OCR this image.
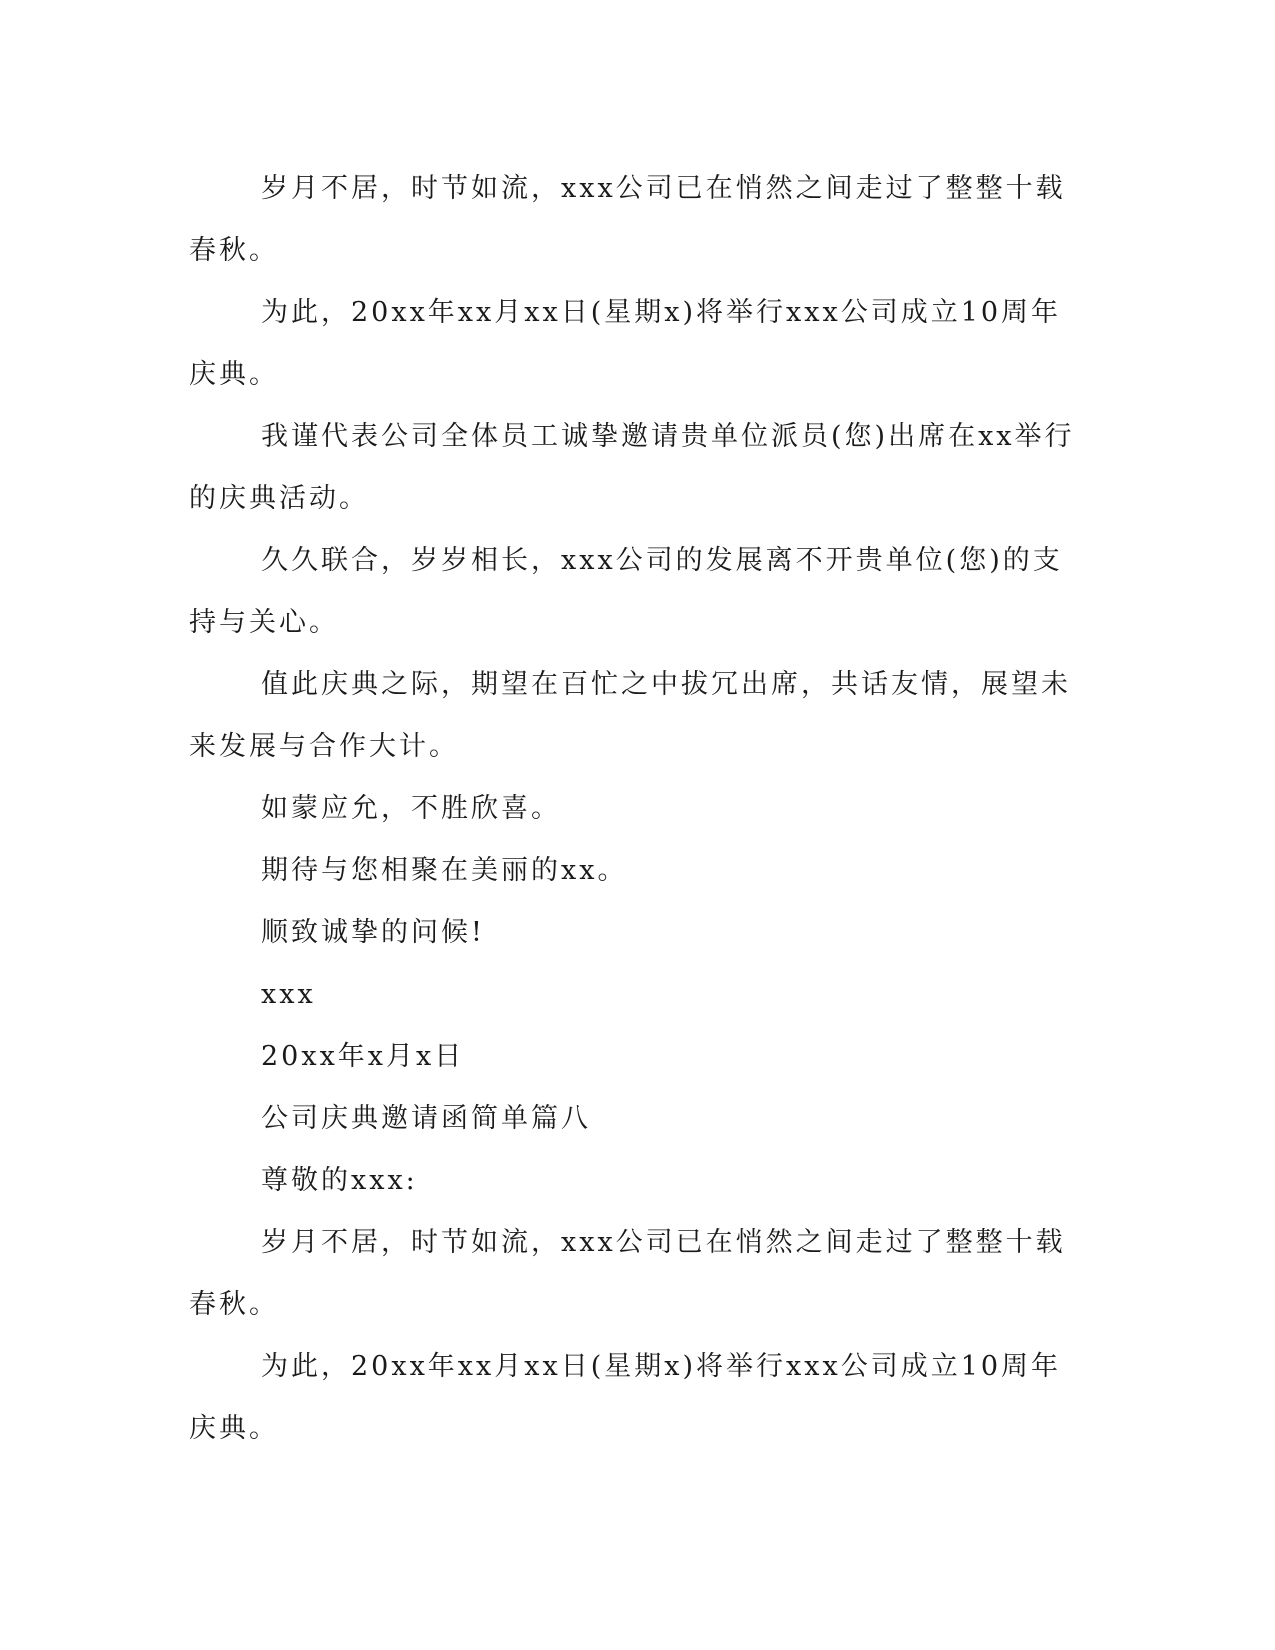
岁月不居，时节如流，xxx公司已在悄然之间走过了整整十载春秋。

为此，20xx年xx月xx日(星期x)将举行xxx公司成立10周年庆典。

我谨代表公司全体员工诚挚邀请贵单位派员(您)出席在xx举行的庆典活动。

久久联合，岁岁相长，xxx公司的发展离不开贵单位(您)的支持与关心。

值此庆典之际，期望在百忙之中拔冗出席，共话友情，展望未来发展与合作大计。

如蒙应允，不胜欣喜。

期待与您相聚在美丽的xx。

顺致诚挚的问候!

xxx

20xx年x月x日

公司庆典邀请函简单篇八

尊敬的xxx:

岁月不居，时节如流，xxx公司已在悄然之间走过了整整十载春秋。

为此，20xx年xx月xx日(星期x)将举行xxx公司成立10周年庆典。
